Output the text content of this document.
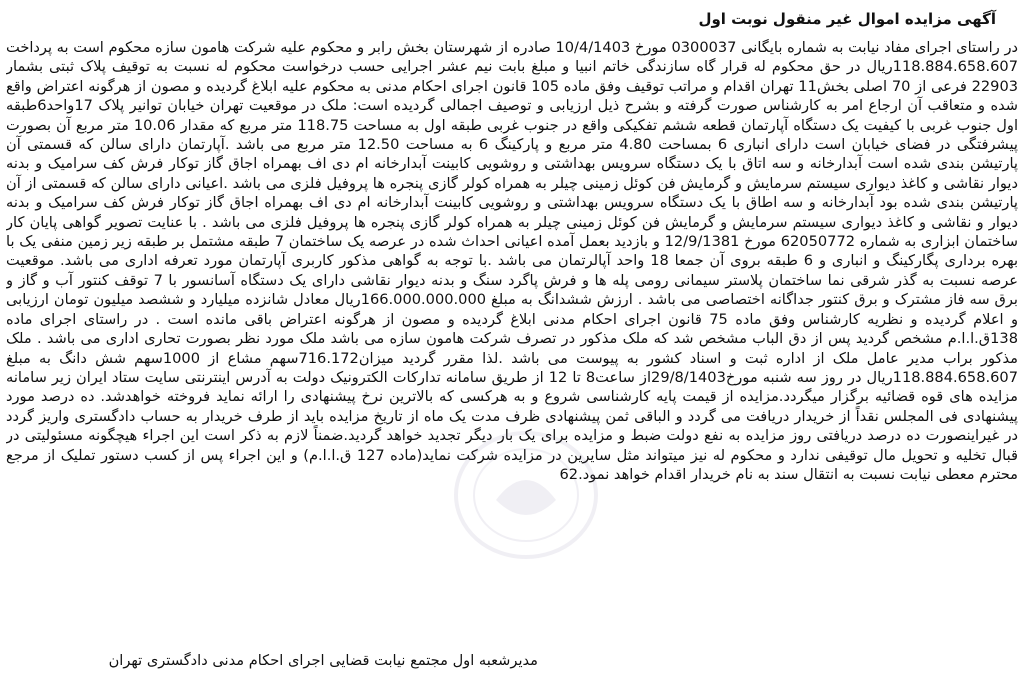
آگهی مزایده اموال غیر منقول نوبت اول

در راستای اجرای مفاد نیابت به شماره بایگانی 0300037 مورخ 10/4/1403 صادره از شهرستان بخش رابر و محکوم علیه شرکت هامون سازه محکوم است به پرداخت 118.884.658.607ریال در حق محکوم له قرار گاه سازندگی خاتم انبیا و مبلغ بابت نیم عشر اجرایی حسب درخواست محکوم له نسبت به توقیف پلاک ثبتی بشمار 22903 فرعی از 70 اصلی بخش11 تهران اقدام و مراتب توقیف وفق ماده 105 قانون اجرای احکام مدنی به محکوم علیه ابلاغ گردیده و مصون از هرگونه اعتراض واقع شده و متعاقب آن ارجاع امر به کارشناس صورت گرفته و بشرح ذیل ارزیابی و توصیف اجمالی گردیده است: ملک در موقعیت تهران خیابان توانیر پلاک 17واحد6طبقه اول جنوب غربی با کیفیت یک دستگاه آپارتمان قطعه ششم تفکیکی واقع در جنوب غربی طبقه اول به مساحت 118.75 متر مربع که مقدار 10.06 متر مربع آن بصورت پیشرفتگی در فضای خیابان است دارای انباری 6 بمساحت 4.80 متر مربع و پارکینگ 6 به مساحت 12.50 متر مربع می باشد .آپارتمان دارای سالن که قسمتی آن پارتیشن بندی شده است آبدارخانه و سه اتاق با یک دستگاه سرویس بهداشتی و روشویی کابینت آبدارخانه ام دی اف بهمراه اجاق گاز توکار فرش کف سرامیک و بدنه دیوار نقاشی و کاغذ دیواری سیستم سرمایش و گرمایش فن کوئل زمینی چیلر به همراه کولر گازی پنجره ها پروفیل فلزی می باشد .اعیانی دارای سالن که قسمتی از آن پارتیشن بندی شده بود آبدارخانه و سه اطاق با یک دستگاه سرویس بهداشتی و روشویی کابینت آبدارخانه ام دی اف بهمراه اجاق گاز توکار فرش کف سرامیک و بدنه دیوار و نقاشی و کاغذ دیواری سیستم سرمایش و گرمایش فن کوئل زمینی چیلر به همراه کولر گازی پنجره ها پروفیل فلزی می باشد . با عنایت تصویر گواهی پایان کار ساختمان ابزاری به شماره 62050772 مورخ 12/9/1381 و بازدید بعمل آمده اعیانی احداث شده در عرصه یک ساختمان 7 طبقه مشتمل بر طبقه زیر زمین منفی یک با بهره برداری پگارکینگ و انباری و 6 طبقه بروی آن جمعا 18 واحد آپالرتمان می باشد .با توجه به گواهی مذکور کاربری آپارتمان مورد تعرفه اداری می باشد. موقعیت عرصه نسبت به گذر شرقی نما ساختمان پلاستر سیمانی رومی پله ها و فرش پاگرد سنگ و بدنه دیوار نقاشی دارای یک دستگاه آسانسور با 7 توقف کنتور آب و گاز و برق سه فاز مشترک و برق کنتور جداگانه اختصاصی می باشد . ارزش ششدانگ به مبلغ 166.000.000.000ریال معادل شانزده میلیارد و ششصد میلیون تومان ارزیابی و اعلام گردیده و نظریه کارشناس وفق ماده 75 قانون اجرای احکام مدنی ابلاغ گردیده و مصون از هرگونه اعتراض باقی مانده است . در راستای اجرای ماده 138ق.ا.ا.م مشخص گردید پس از دق الباب مشخص شد که ملک مذکور در تصرف شرکت هامون سازه می باشد ملک مورد نظر بصورت تحاری اداری می باشد . ملک مذکور براب مدیر عامل ملک از اداره ثبت و اسناد کشور به پیوست می باشد .لذا مقرر گردید میزان716.172سهم مشاع از 1000سهم شش دانگ به مبلغ 118.884.658.607ریال در روز سه شنبه مورخ29/8/1403از ساعت8 تا 12 از طریق سامانه تدارکات الکترونیک دولت به آدرس اینترنتی سایت ستاد ایران زیر سامانه مزایده های قوه قضائیه برگزار میگردد.مزایده از قیمت پایه کارشناسی شروع و به هرکسی که بالاترین نرخ پیشنهادی را ارائه نماید فروخته خواهدشد. ده درصد مورد پیشنهادی فی المجلس نقداً از خریدار دریافت می گردد و الباقی ثمن پیشنهادی ظرف مدت یک ماه از تاریخ مزایده باید از طرف خریدار به حساب دادگستری واریز گردد در غیراینصورت ده درصد دریافتی روز مزایده به نفع دولت ضبط و مزایده برای یک بار دیگر تجدید خواهد گردید.ضمناً لازم به ذکر است این اجراء هیچگونه مسئولیتی در قبال تخلیه و تحویل مال توقیفی ندارد و محکوم له نیز میتواند مثل سایرین در مزایده شرکت نماید(ماده 127 ق.ا.ا.م) و این اجراء پس از کسب دستور تملیک از مرجع محترم معطی نیابت نسبت به انتقال سند به نام خریدار اقدام خواهد نمود.62

مدیرشعبه اول مجتمع نیابت قضایی اجرای احکام مدنی دادگستری تهران
